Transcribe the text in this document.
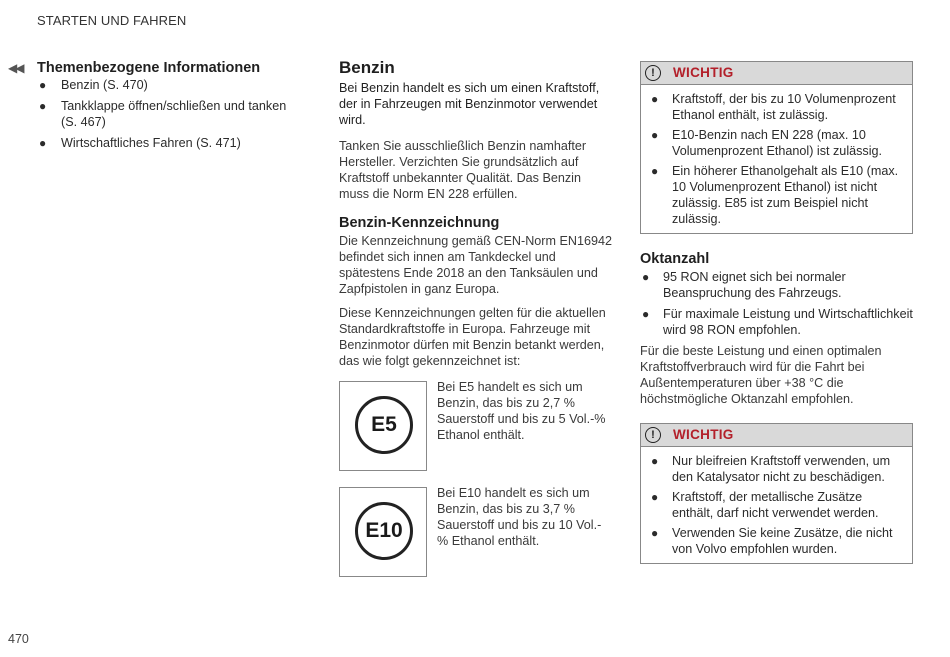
STARTEN UND FAHREN
◀◀ Themenbezogene Informationen
● Benzin (S. 470)
● Tankklappe öffnen/schließen und tanken (S. 467)
● Wirtschaftliches Fahren (S. 471)
Benzin
Bei Benzin handelt es sich um einen Kraftstoff, der in Fahrzeugen mit Benzinmotor verwendet wird.

Tanken Sie ausschließlich Benzin namhafter Hersteller. Verzichten Sie grundsätzlich auf Kraftstoff unbekannter Qualität. Das Benzin muss die Norm EN 228 erfüllen.

Benzin-Kennzeichnung

Die Kennzeichnung gemäß CEN-Norm EN16942 befindet sich innen am Tankdeckel und spätestens Ende 2018 an den Tanksäulen und Zapfpistolen in ganz Europa.

Diese Kennzeichnungen gelten für die aktuellen Standardkraftstoffe in Europa. Fahrzeuge mit Benzinmotor dürfen mit Benzin betankt werden, das wie folgt gekennzeichnet ist:

E5
Bei E5 handelt es sich um Benzin, das bis zu 2,7 % Sauerstoff und bis zu 5 Vol.-% Ethanol enthält.
E10
Bei E10 handelt es sich um Benzin, das bis zu 3,7 % Sauerstoff und bis zu 10 Vol.-% Ethanol enthält.
!	WICHTIG
● Kraftstoff, der bis zu 10 Volumenprozent Ethanol enthält, ist zulässig.
● E10-Benzin nach EN 228 (max. 10 Volumenprozent Ethanol) ist zulässig.
● Ein höherer Ethanolgehalt als E10 (max. 10 Volumenprozent Ethanol) ist nicht zulässig. E85 ist zum Beispiel nicht zulässig.
Oktanzahl
● 95 RON eignet sich bei normaler Beanspruchung des Fahrzeugs.
● Für maximale Leistung und Wirtschaftlichkeit wird 98 RON empfohlen.

Für die beste Leistung und einen optimalen Kraftstoffverbrauch wird für die Fahrt bei Außentemperaturen über +38 °C die höchstmögliche Oktanzahl empfohlen.

!	WICHTIG
● Nur bleifreien Kraftstoff verwenden, um den Katalysator nicht zu beschädigen.
● Kraftstoff, der metallische Zusätze enthält, darf nicht verwendet werden.
● Verwenden Sie keine Zusätze, die nicht von Volvo empfohlen wurden.
470
